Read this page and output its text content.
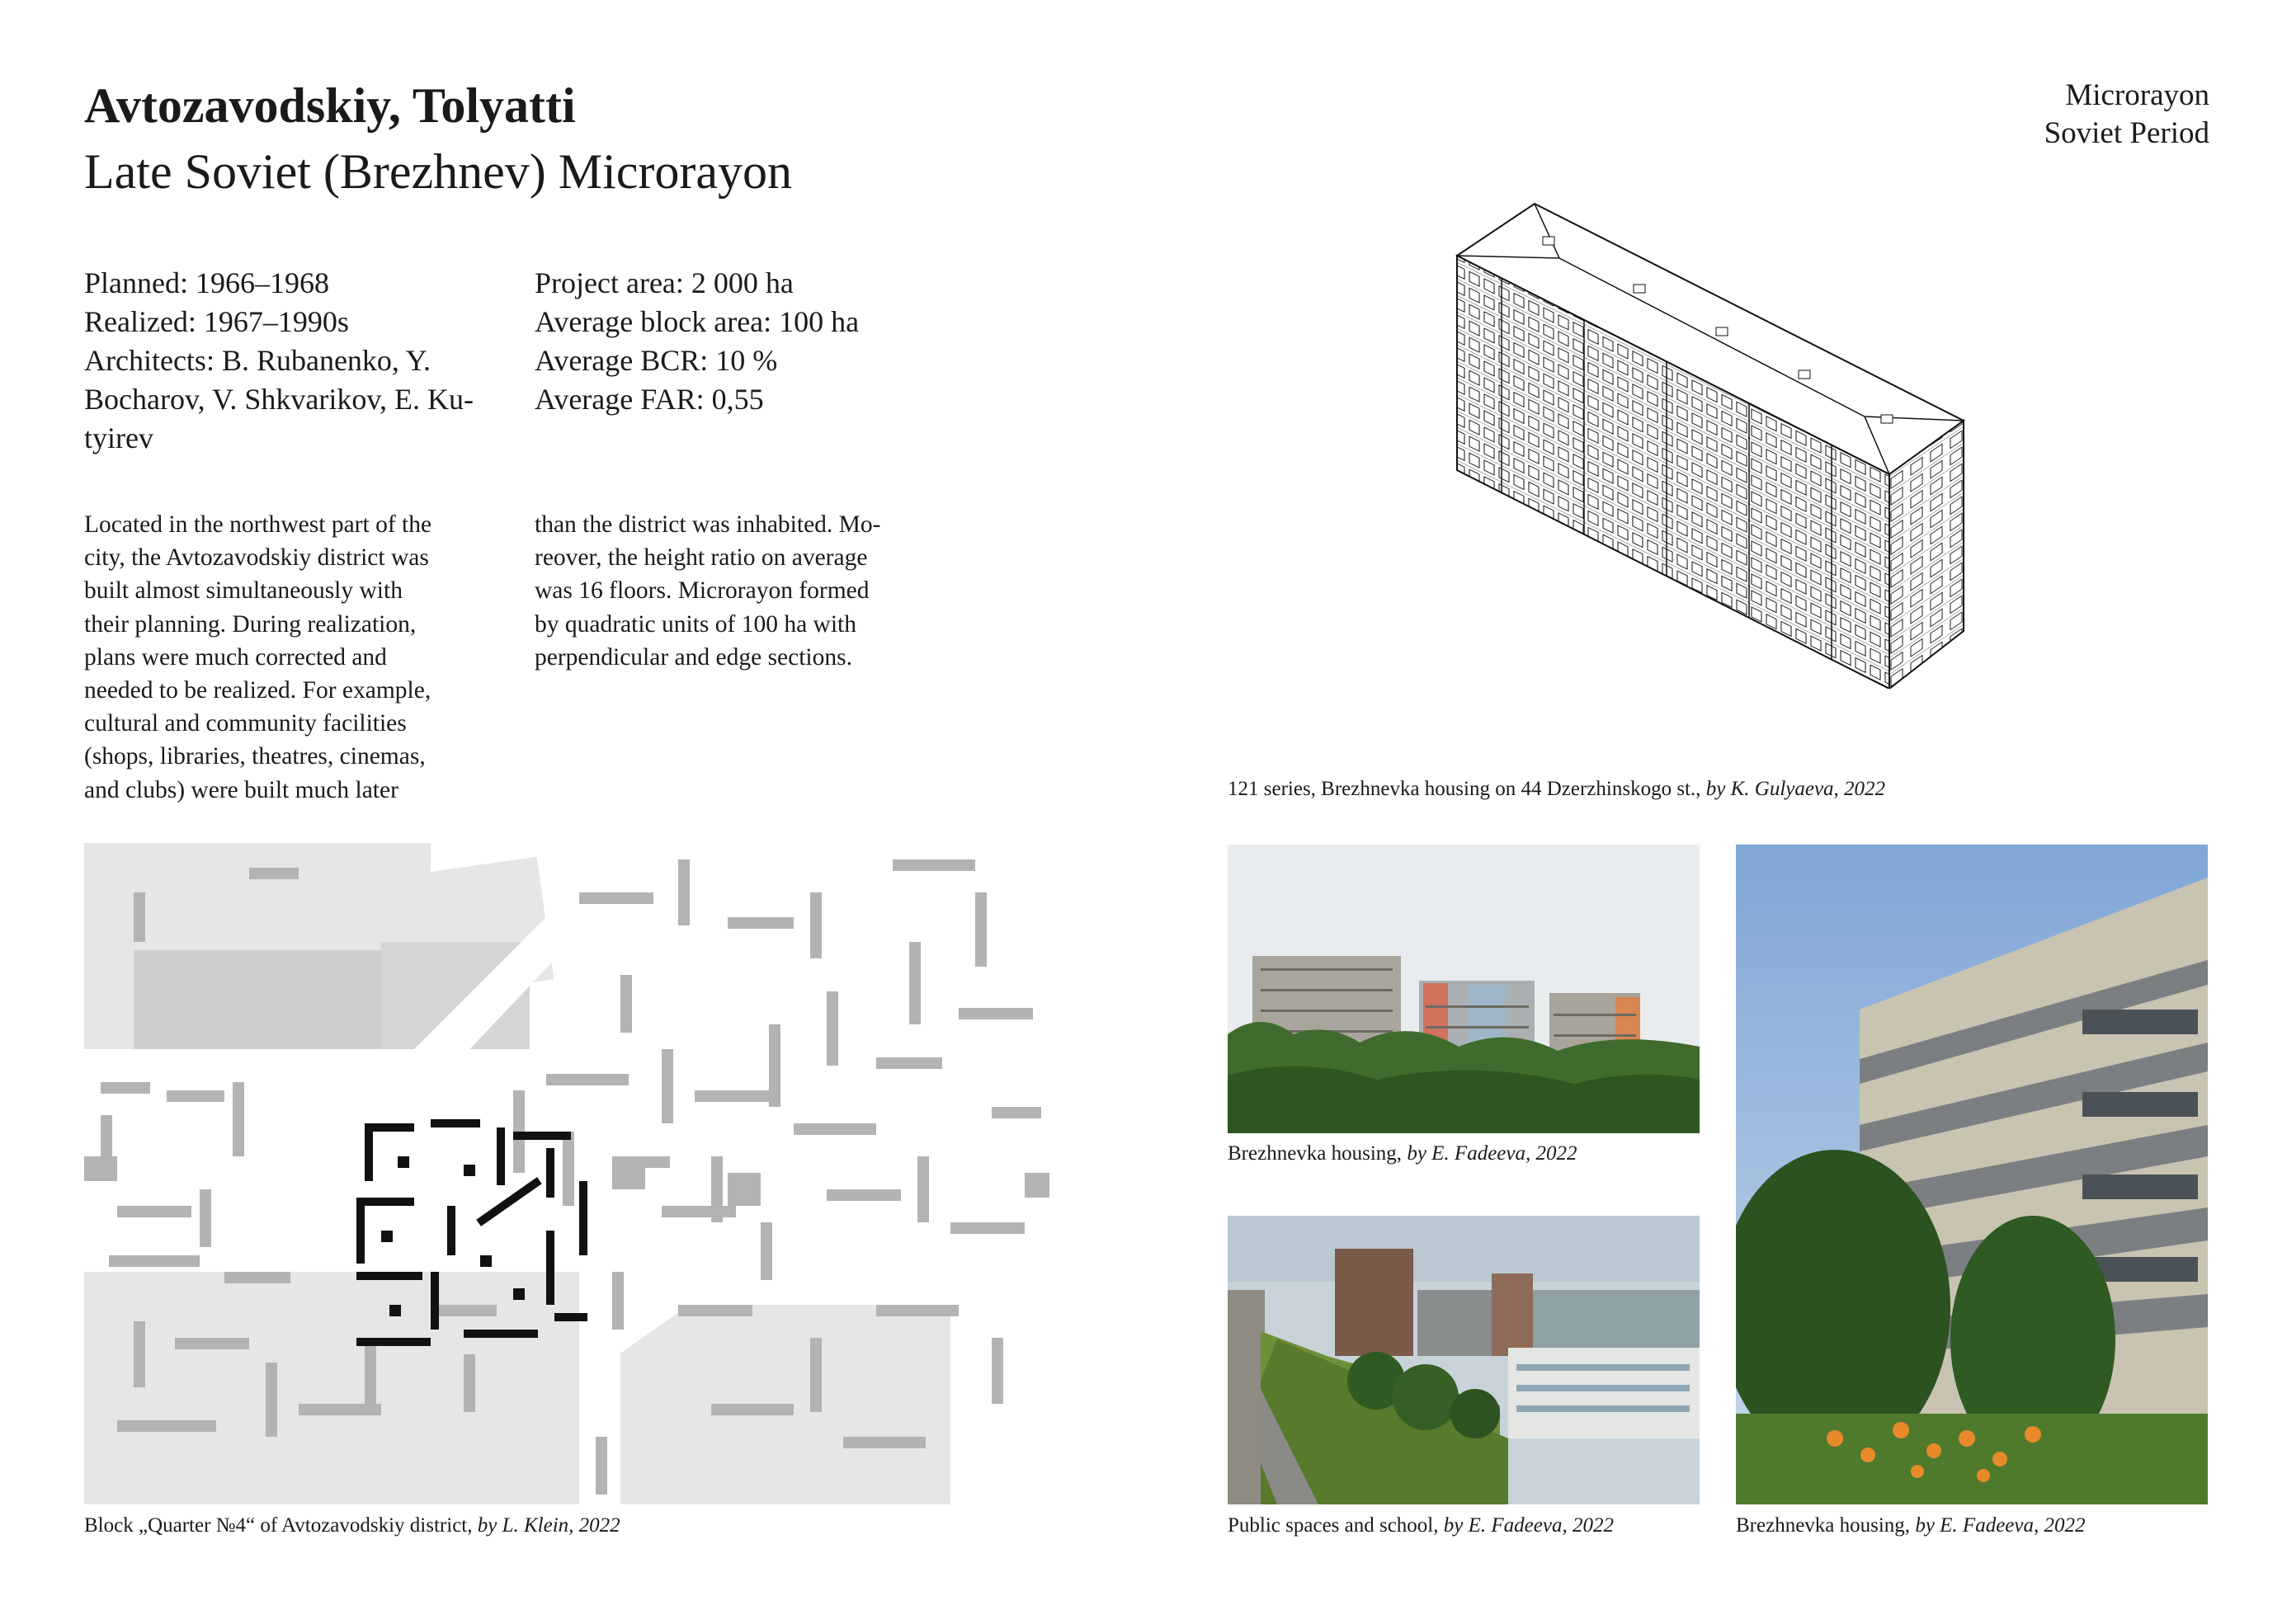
Avtozavodskiy, Tolyatti
Late Soviet (Brezhnev) Microrayon
Microrayon
Soviet Period
Planned: 1966–1968
Realized: 1967–1990s
Architects: B. Rubanenko, Y.
Bocharov, V. Shkvarikov, E. Ku-
tyirev
Project area: 2 000 ha
Average block area: 100 ha
Average BCR: 10 %
Average FAR: 0,55
Located in the northwest part of the
city, the Avtozavodskiy district was
built almost simultaneously with
their planning. During realization,
plans were much corrected and
needed to be realized. For example,
cultural and community facilities
(shops, libraries, theatres, cinemas,
and clubs) were built much later
than the district was inhabited. Mo-
reover, the height ratio on average
was 16 floors. Microrayon formed
by quadratic units of 100 ha with
perpendicular and edge sections.
121 series, Brezhnevka housing on 44 Dzerzhinskogo st., by K. Gulyaeva, 2022
Block „Quarter №4“ of Avtozavodskiy district, by L. Klein, 2022
Brezhnevka housing, by E. Fadeeva, 2022
Public spaces and school, by E. Fadeeva, 2022	Brezhnevka housing, by E. Fadeeva, 2022
